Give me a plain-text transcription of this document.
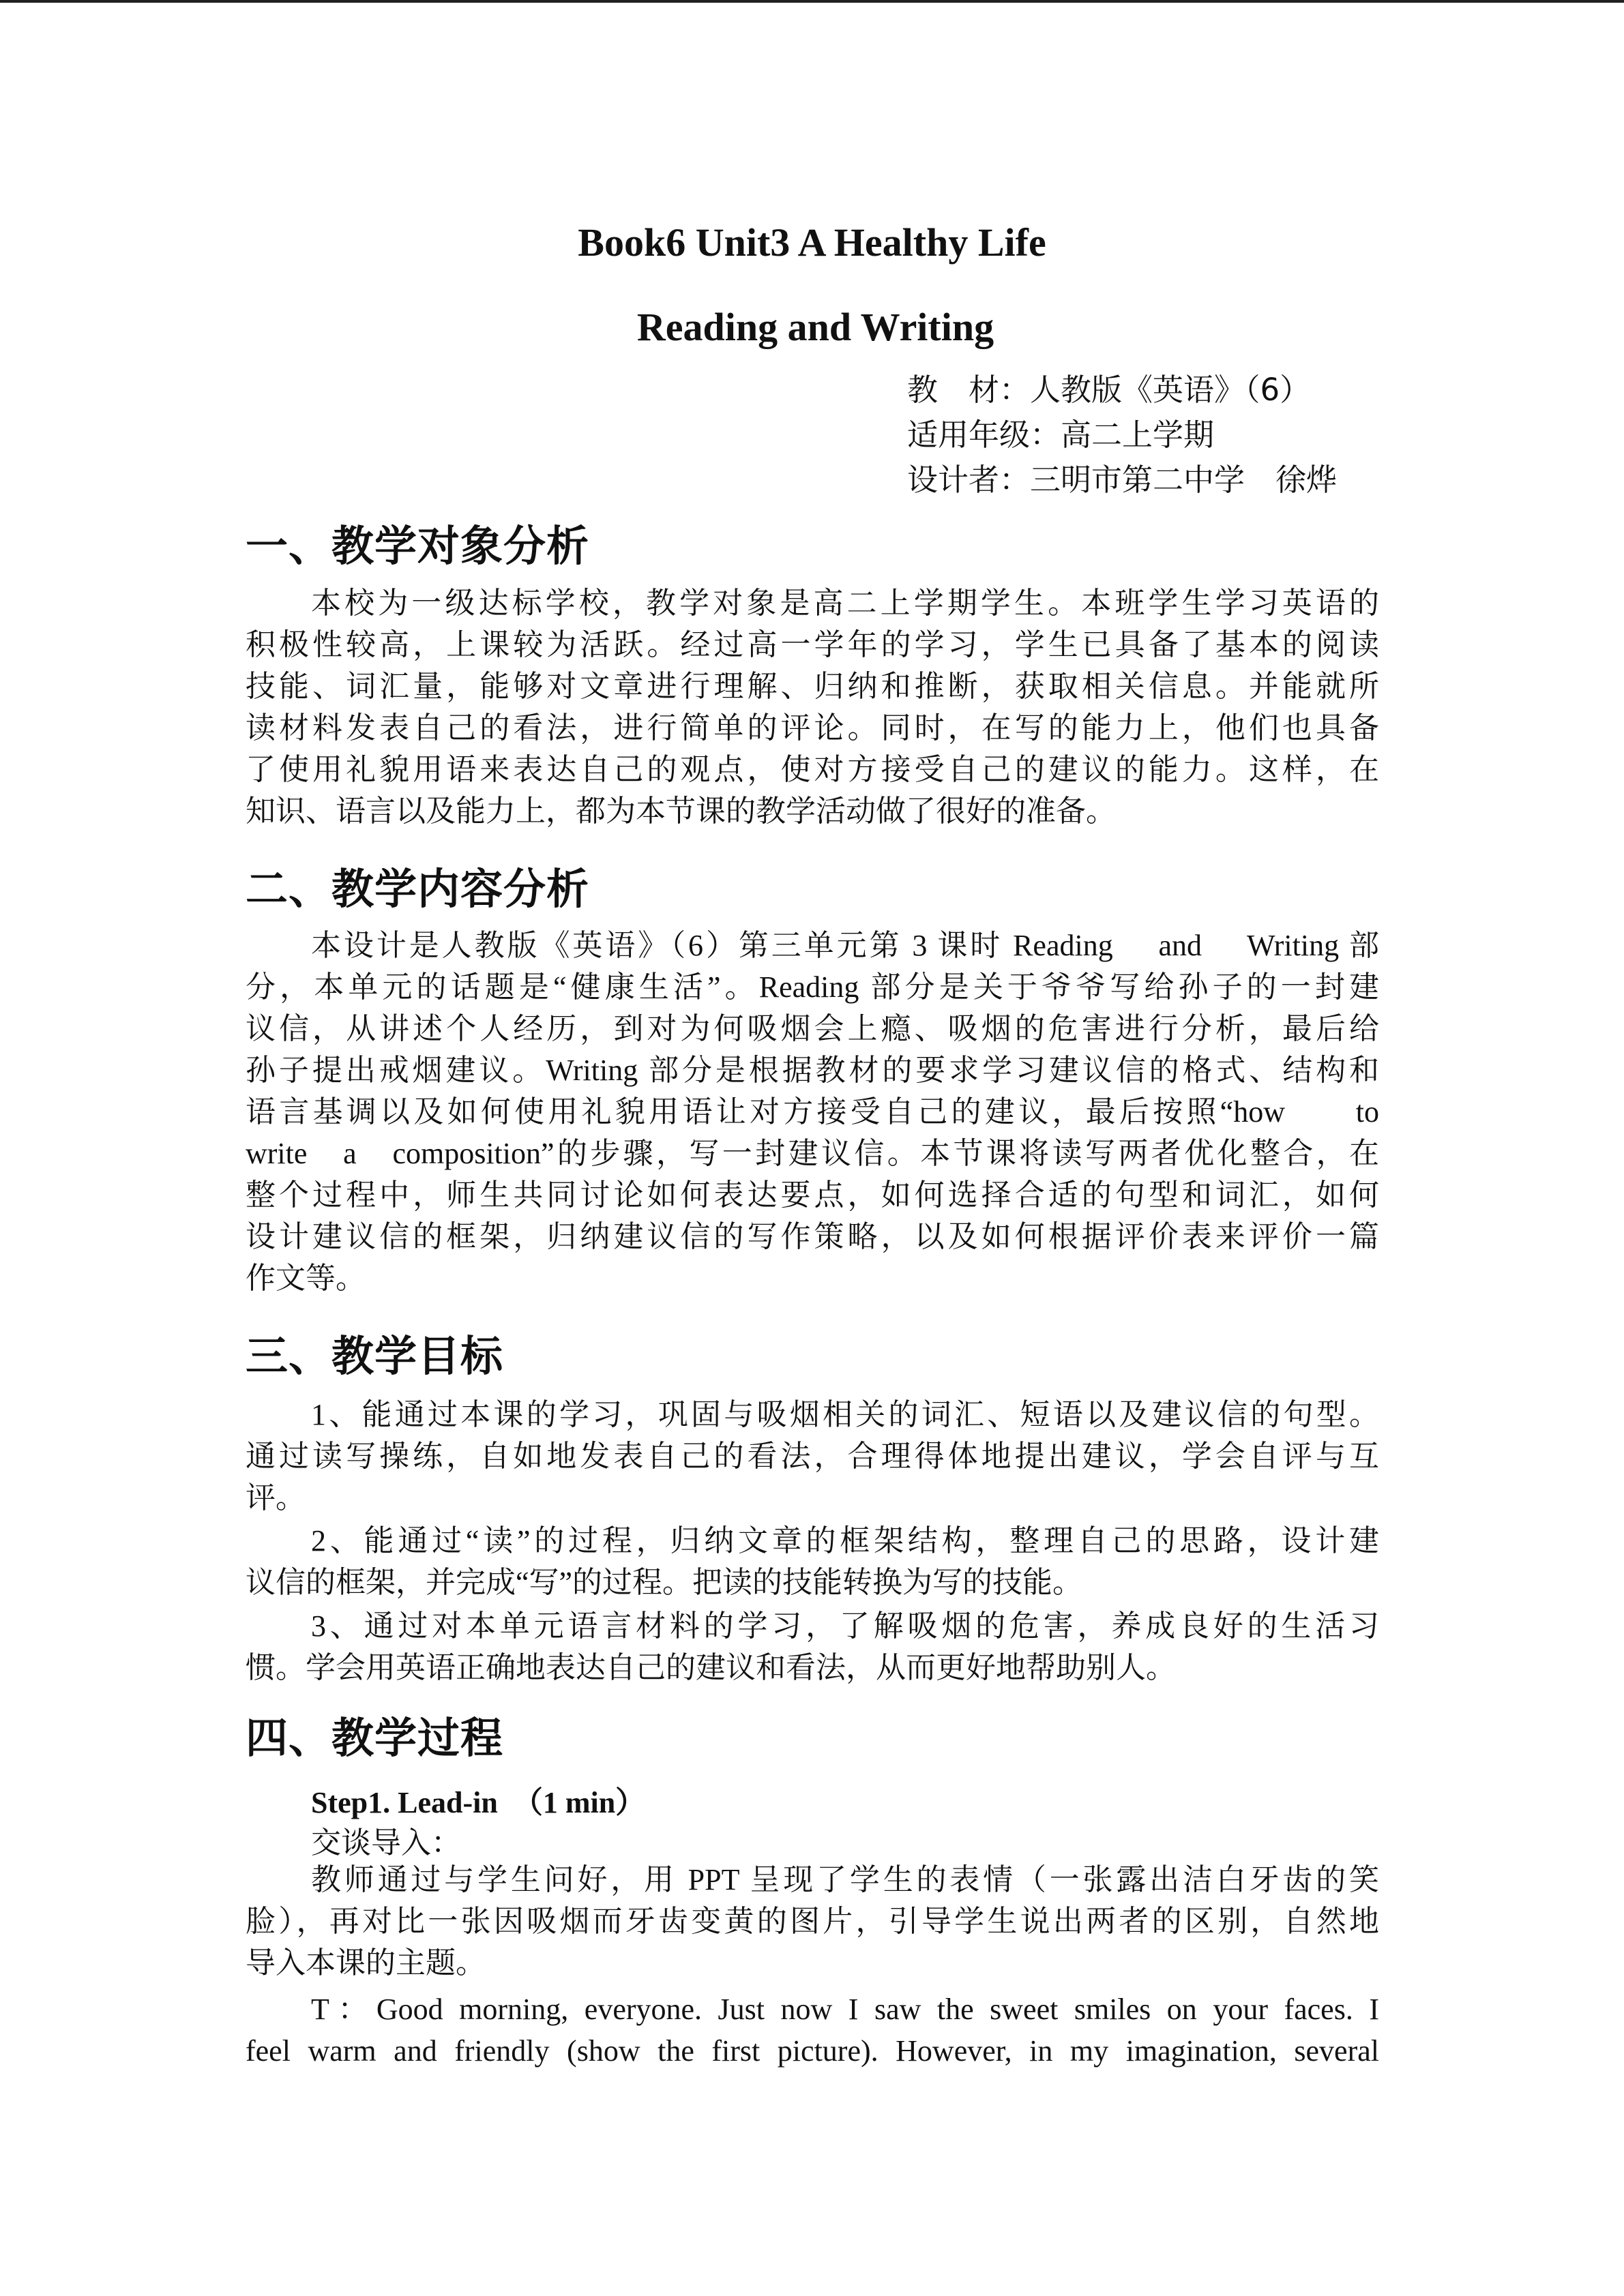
Book6 Unit3 A Healthy Life
Reading and Writing
教　材：人教版《英语》（6）
适用年级：高二上学期
设计者：三明市第二中学　徐烨
一、教学对象分析
本校为一级达标学校，教学对象是高二上学期学生。本班学生学习英语的
积极性较高，上课较为活跃。经过高一学年的学习，学生已具备了基本的阅读
技能、词汇量，能够对文章进行理解、归纳和推断，获取相关信息。并能就所
读材料发表自己的看法，进行简单的评论。同时，在写的能力上，他们也具备
了使用礼貌用语来表达自己的观点，使对方接受自己的建议的能力。这样，在
知识、语言以及能力上，都为本节课的教学活动做了很好的准备。
二、教学内容分析
本设计是人教版《英语》（6）第三单元第 3 课时 Reading　 and　 Writing 部
分，本单元的话题是“健康生活”。Reading 部分是关于爷爷写给孙子的一封建
议信，从讲述个人经历，到对为何吸烟会上瘾、吸烟的危害进行分析，最后给
孙子提出戒烟建议。Writing 部分是根据教材的要求学习建议信的格式、结构和
语言基调以及如何使用礼貌用语让对方接受自己的建议，最后按照“how　　to
write　a　composition”的步骤，写一封建议信。本节课将读写两者优化整合，在
整个过程中，师生共同讨论如何表达要点，如何选择合适的句型和词汇，如何
设计建议信的框架，归纳建议信的写作策略，以及如何根据评价表来评价一篇
作文等。
三、教学目标
1、能通过本课的学习，巩固与吸烟相关的词汇、短语以及建议信的句型。
通过读写操练，自如地发表自己的看法，合理得体地提出建议，学会自评与互
评。
2、能通过“读”的过程，归纳文章的框架结构，整理自己的思路，设计建
议信的框架，并完成“写”的过程。把读的技能转换为写的技能。
3、通过对本单元语言材料的学习，了解吸烟的危害，养成良好的生活习
惯。学会用英语正确地表达自己的建议和看法，从而更好地帮助别人。
四、教学过程
Step1. Lead-in　（1 min）
交谈导入：
教师通过与学生问好，用 PPT 呈现了学生的表情（一张露出洁白牙齿的笑
脸），再对比一张因吸烟而牙齿变黄的图片，引导学生说出两者的区别，自然地
导入本课的主题。
T：Good morning, everyone. Just now I saw the sweet smiles on your faces. I
feel warm and friendly (show the first picture). However, in my imagination, several
